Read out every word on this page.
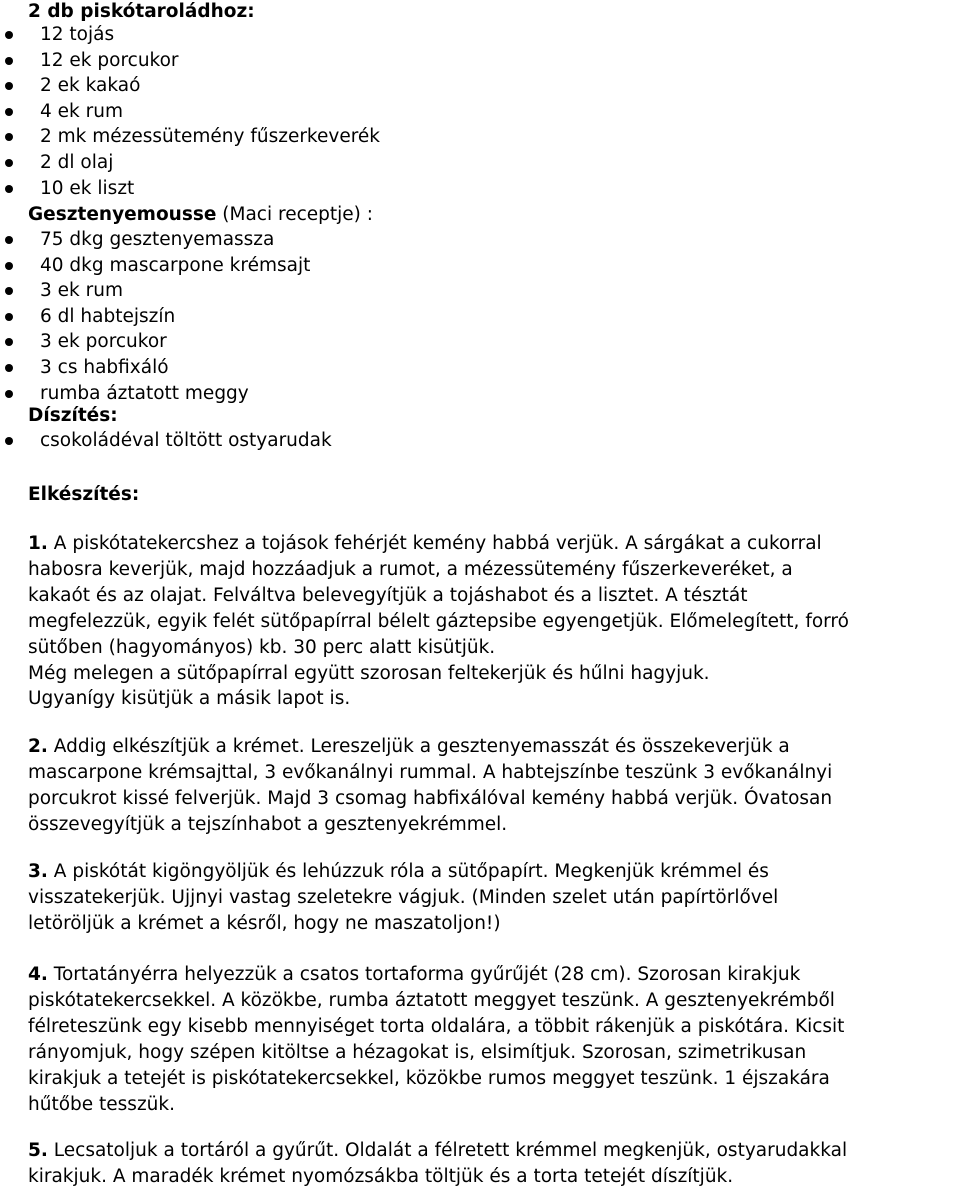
2 db piskótaroládhoz:
12 tojás
12 ek porcukor
2 ek kakaó
4 ek rum
2 mk mézessütemény fűszerkeverék
2 dl olaj
10 ek liszt
Gesztenyemousse (Maci receptje) :
75 dkg gesztenyemassza
40 dkg mascarpone krémsajt
3 ek rum
6 dl habtejszín
3 ek porcukor
3 cs habfixáló
rumba áztatott meggy
Díszítés:
csokoládéval töltött ostyarudak
Elkészítés:
1. A piskótatekercshez a tojások fehérjét kemény habbá verjük. A sárgákat a cukorral
habosra keverjük, majd hozzáadjuk a rumot, a mézessütemény fűszerkeveréket, a
kakaót és az olajat. Felváltva belevegyítjük a tojáshabot és a lisztet. A tésztát
megfelezzük, egyik felét sütőpapírral bélelt gáztepsibe egyengetjük. Előmelegített, forró
sütőben (hagyományos) kb. 30 perc alatt kisütjük.
Még melegen a sütőpapírral együtt szorosan feltekerjük és hűlni hagyjuk.
Ugyanígy kisütjük a másik lapot is.
2. Addig elkészítjük a krémet. Lereszeljük a gesztenyemasszát és összekeverjük a
mascarpone krémsajttal, 3 evőkanálnyi rummal. A habtejszínbe teszünk 3 evőkanálnyi
porcukrot kissé felverjük. Majd 3 csomag habfixálóval kemény habbá verjük. Óvatosan
összevegyítjük a tejszínhabot a gesztenyekrémmel.
3. A piskótát kigöngyöljük és lehúzzuk róla a sütőpapírt. Megkenjük krémmel és
visszatekerjük. Ujjnyi vastag szeletekre vágjuk. (Minden szelet után papírtörlővel
letöröljük a krémet a késről, hogy ne maszatoljon!)
4. Tortatányérra helyezzük a csatos tortaforma gyűrűjét (28 cm). Szorosan kirakjuk
piskótatekercsekkel. A közökbe, rumba áztatott meggyet teszünk. A gesztenyekrémből
félreteszünk egy kisebb mennyiséget torta oldalára, a többit rákenjük a piskótára. Kicsit
rányomjuk, hogy szépen kitöltse a hézagokat is, elsimítjuk. Szorosan, szimetrikusan
kirakjuk a tetejét is piskótatekercsekkel, közökbe rumos meggyet teszünk. 1 éjszakára
hűtőbe tesszük.
5. Lecsatoljuk a tortáról a gyűrűt. Oldalát a félretett krémmel megkenjük, ostyarudakkal
kirakjuk. A maradék krémet nyomózsákba töltjük és a torta tetejét díszítjük.
